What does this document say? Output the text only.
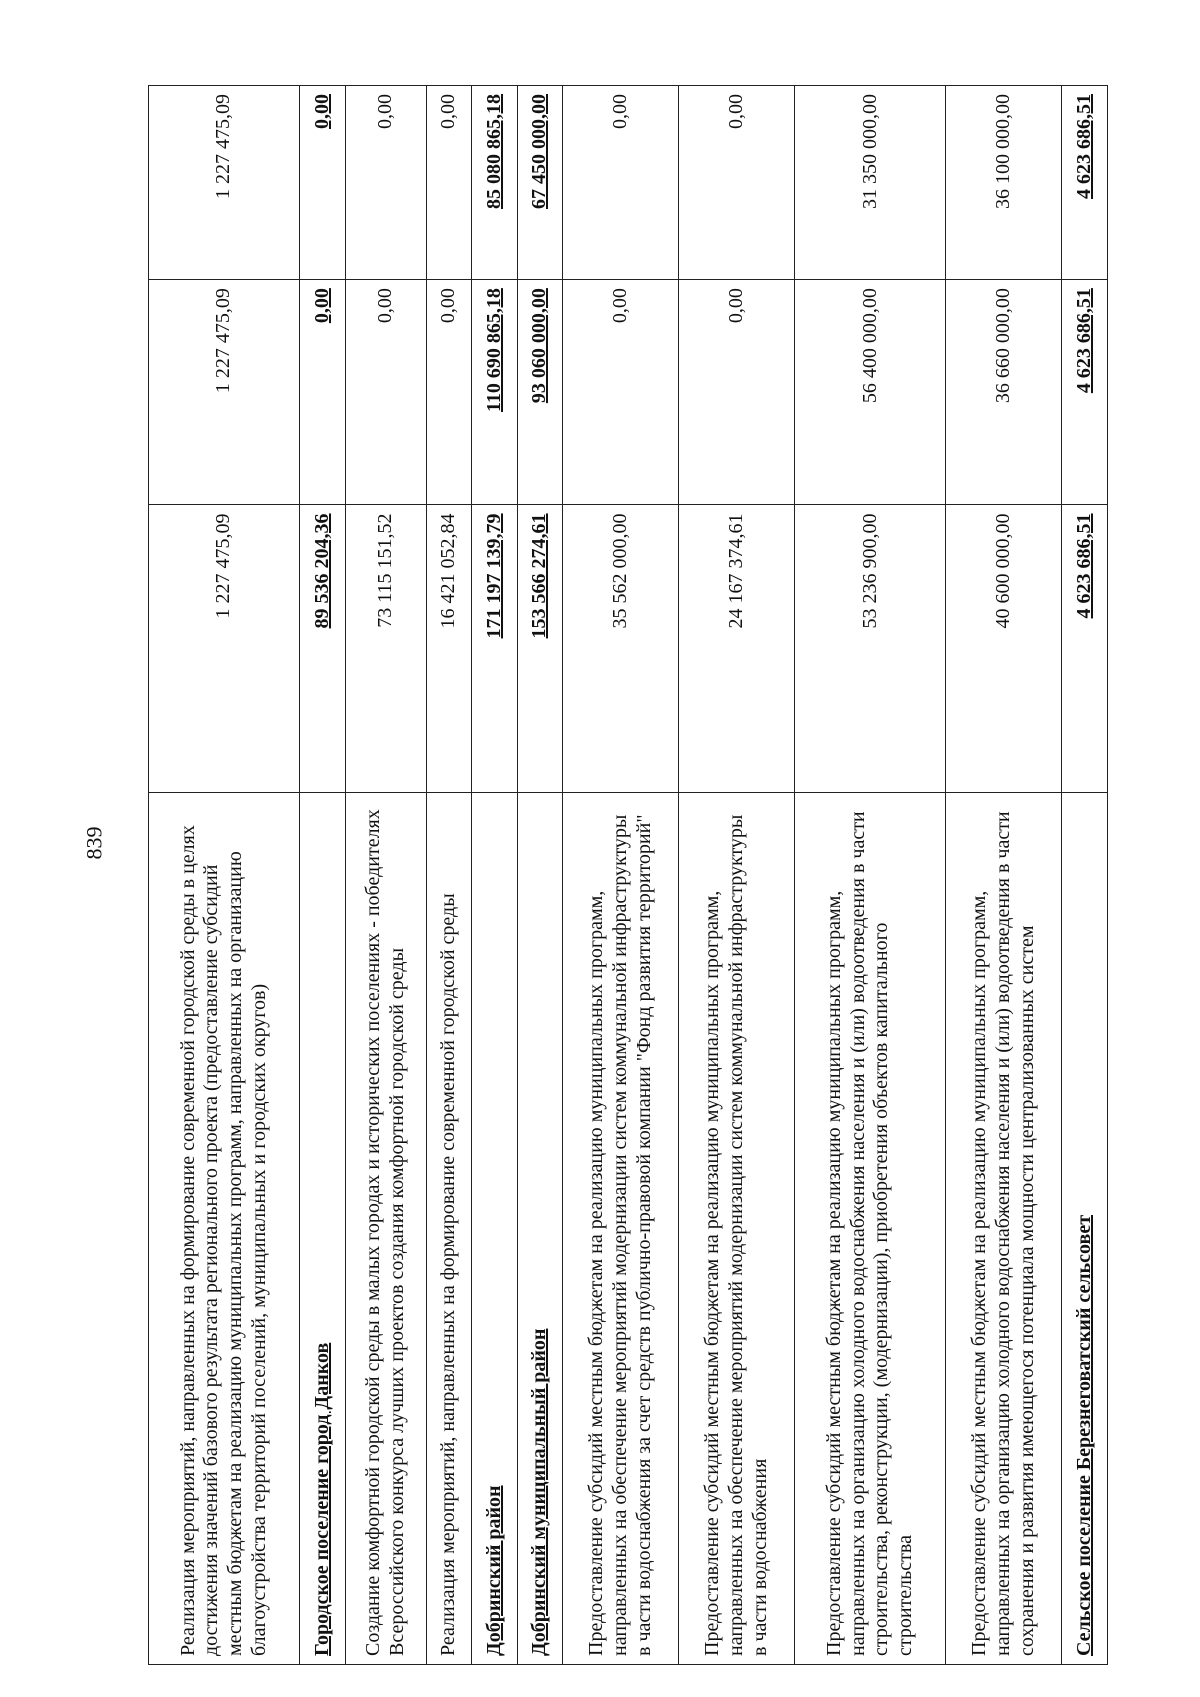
839	Реализация мероприятий, направленных на формирование современной городской среды в целях достижения значений базового результата регионального проекта (предоставление субсидий местным бюджетам на реализацию муниципальных программ, направленных на организацию благоустройства территорий поселений, муниципальных и городских округов)	1 227 475,09	1 227 475,09	1 227 475,09
Городское поселение город Данков	89 536 204,36	0,00	0,00
Создание комфортной городской среды в малых городах и исторических поселениях - победителях Всероссийского конкурса лучших проектов создания комфортной городской среды	73 115 151,52	0,00	0,00
Реализация мероприятий, направленных на формирование современной городской среды	16 421 052,84	0,00	0,00
Добринский район	171 197 139,79	110 690 865,18	85 080 865,18
Добринский муниципальный район	153 566 274,61	93 060 000,00	67 450 000,00
Предоставление субсидий местным бюджетам на реализацию муниципальных программ, направленных на обеспечение мероприятий модернизации систем коммунальной инфраструктуры в части водоснабжения за счет средств публично-правовой компании "Фонд развития территорий"	35 562 000,00	0,00	0,00
Предоставление субсидий местным бюджетам на реализацию муниципальных программ, направленных на обеспечение мероприятий модернизации систем коммунальной инфраструктуры в части водоснабжения	24 167 374,61	0,00	0,00
Предоставление субсидий местным бюджетам на реализацию муниципальных программ, направленных на организацию холодного водоснабжения населения и (или) водоотведения в части строительства, реконструкции, (модернизации), приобретения объектов капитального строительства	53 236 900,00	56 400 000,00	31 350 000,00
Предоставление субсидий местным бюджетам на реализацию муниципальных программ, направленных на организацию холодного водоснабжения населения и (или) водоотведения в части сохранения и развития имеющегося потенциала мощности централизованных систем	40 600 000,00	36 660 000,00	36 100 000,00
Сельское поселение Березнеговатский сельсовет	4 623 686,51	4 623 686,51	4 623 686,51
